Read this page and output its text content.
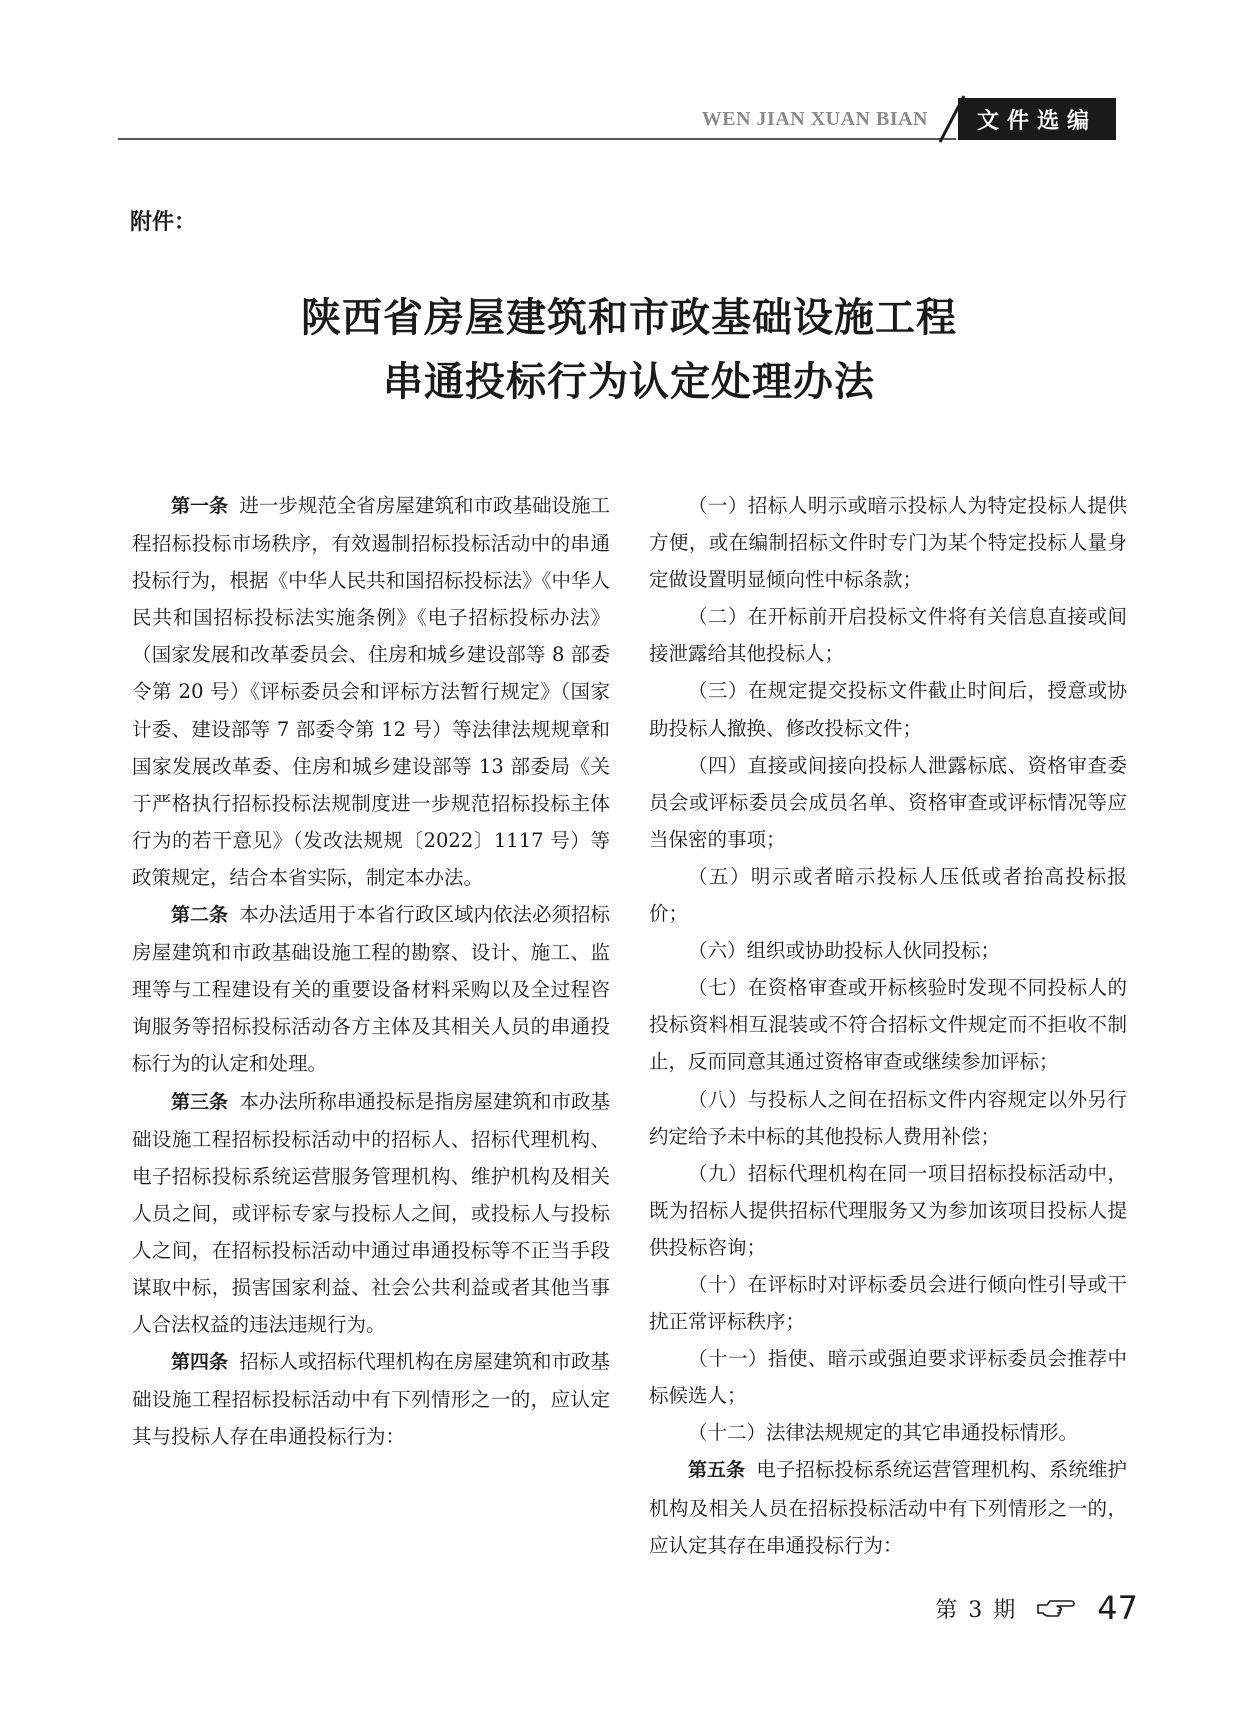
WEN JIAN XUAN BIAN	文件选编
附件：
陕西省房屋建筑和市政基础设施工程
串通投标行为认定处理办法

第一条 进一步规范全省房屋建筑和市政基础设施工程招标投标市场秩序，有效遏制招标投标活动中的串通投标行为，根据《中华人民共和国招标投标法》《中华人民共和国招标投标法实施条例》《电子招标投标办法》（国家发展和改革委员会、住房和城乡建设部等 8 部委令第 20 号）《评标委员会和评标方法暂行规定》（国家计委、建设部等 7 部委令第 12 号）等法律法规规章和国家发展改革委、住房和城乡建设部等 13 部委局《关于严格执行招标投标法规制度进一步规范招标投标主体行为的若干意见》（发改法规规〔2022〕1117 号）等政策规定，结合本省实际，制定本办法。

第二条 本办法适用于本省行政区域内依法必须招标房屋建筑和市政基础设施工程的勘察、设计、施工、监理等与工程建设有关的重要设备材料采购以及全过程咨询服务等招标投标活动各方主体及其相关人员的串通投标行为的认定和处理。

第三条 本办法所称串通投标是指房屋建筑和市政基础设施工程招标投标活动中的招标人、招标代理机构、电子招标投标系统运营服务管理机构、维护机构及相关人员之间，或评标专家与投标人之间，或投标人与投标人之间，在招标投标活动中通过串通投标等不正当手段谋取中标，损害国家利益、社会公共利益或者其他当事人合法权益的违法违规行为。

第四条 招标人或招标代理机构在房屋建筑和市政基础设施工程招标投标活动中有下列情形之一的，应认定其与投标人存在串通投标行为：

（一）招标人明示或暗示投标人为特定投标人提供方便，或在编制招标文件时专门为某个特定投标人量身定做设置明显倾向性中标条款；

（二）在开标前开启投标文件将有关信息直接或间接泄露给其他投标人；

（三）在规定提交投标文件截止时间后，授意或协助投标人撤换、修改投标文件；

（四）直接或间接向投标人泄露标底、资格审查委员会或评标委员会成员名单、资格审查或评标情况等应当保密的事项；

（五）明示或者暗示投标人压低或者抬高投标报价；

（六）组织或协助投标人伙同投标；

（七）在资格审查或开标核验时发现不同投标人的投标资料相互混装或不符合招标文件规定而不拒收不制止，反而同意其通过资格审查或继续参加评标；

（八）与投标人之间在招标文件内容规定以外另行约定给予未中标的其他投标人费用补偿；

（九）招标代理机构在同一项目招标投标活动中，既为招标人提供招标代理服务又为参加该项目投标人提供投标咨询；

（十）在评标时对评标委员会进行倾向性引导或干扰正常评标秩序；

（十一）指使、暗示或强迫要求评标委员会推荐中标候选人；

（十二）法律法规规定的其它串通投标情形。

第五条 电子招标投标系统运营管理机构、系统维护机构及相关人员在招标投标活动中有下列情形之一的，应认定其存在串通投标行为：

第 3 期	47
